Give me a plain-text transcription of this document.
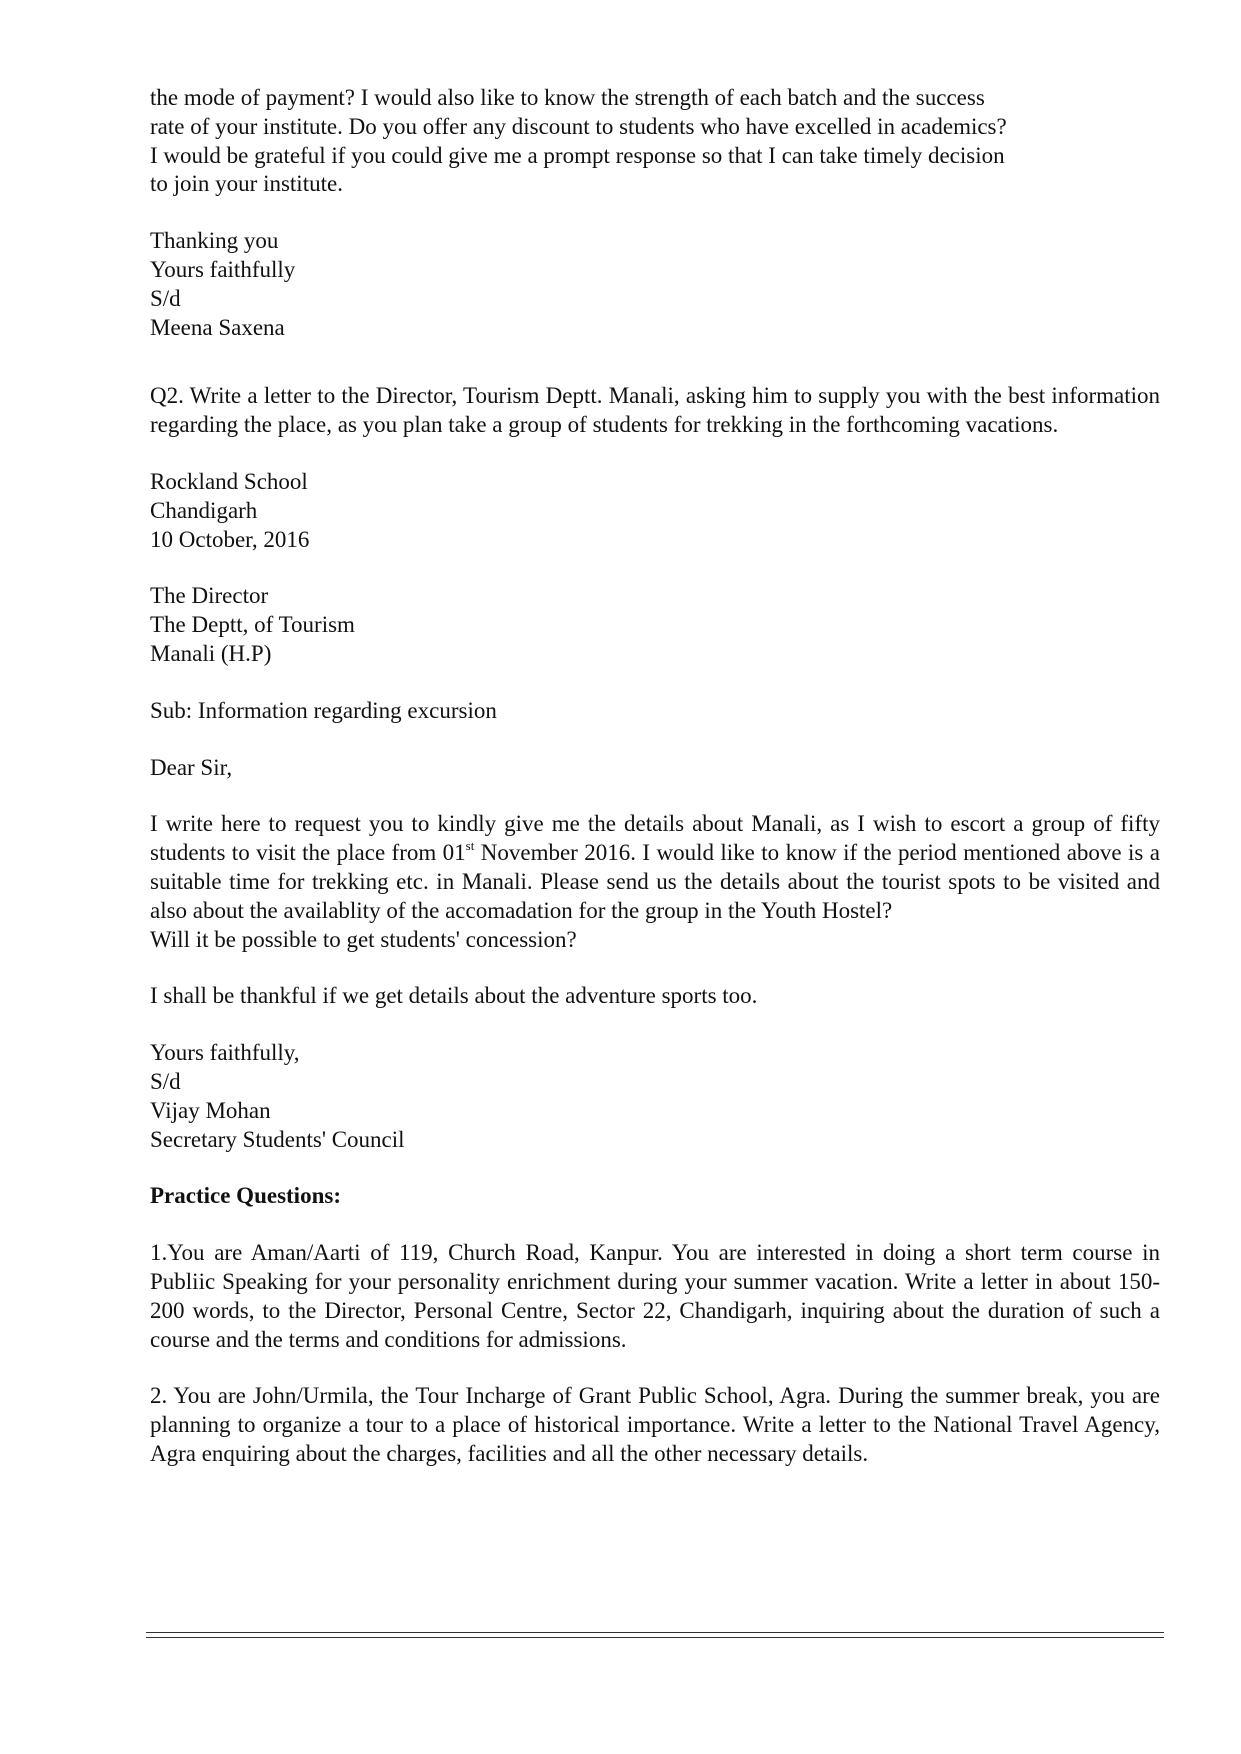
the mode of payment? I would also like to know the strength of each batch and the success

rate of your institute. Do you offer any discount to students who have excelled in academics?

I would be grateful if you could give me a prompt response so that I can take timely decision

to join your institute.

Thanking you

Yours faithfully

S/d

Meena Saxena

Q2. Write a letter to the Director, Tourism Deptt. Manali, asking him to supply you with the best information regarding the place, as you plan take a group of students for trekking in the forthcoming vacations.

Rockland School

Chandigarh

10 October, 2016

The Director

The Deptt, of Tourism

Manali (H.P)

Sub: Information regarding excursion

Dear Sir,

I write here to request you to kindly give me the details about Manali, as I wish to escort a group of fifty students to visit the place from 01st November 2016. I would like to know if the period mentioned above is a suitable time for trekking etc. in Manali. Please send us the details about the tourist spots to be visited and also about the availablity of the accomadation for the group in the Youth Hostel?

Will it be possible to get students' concession?

I shall be thankful if we get details about the adventure sports too.

Yours faithfully,

S/d

Vijay Mohan

Secretary Students' Council

Practice Questions:

1.You are Aman/Aarti of 119, Church Road, Kanpur. You are interested in doing a short term course in Publiic Speaking for your personality enrichment during your summer vacation. Write a letter in about 150-200 words, to the Director, Personal Centre, Sector 22, Chandigarh, inquiring about the duration of such a course and the terms and conditions for admissions.

2. You are John/Urmila, the Tour Incharge of Grant Public School, Agra. During the summer break, you are planning to organize a tour to a place of historical importance. Write a letter to the National Travel Agency, Agra enquiring about the charges, facilities and all the other necessary details.
